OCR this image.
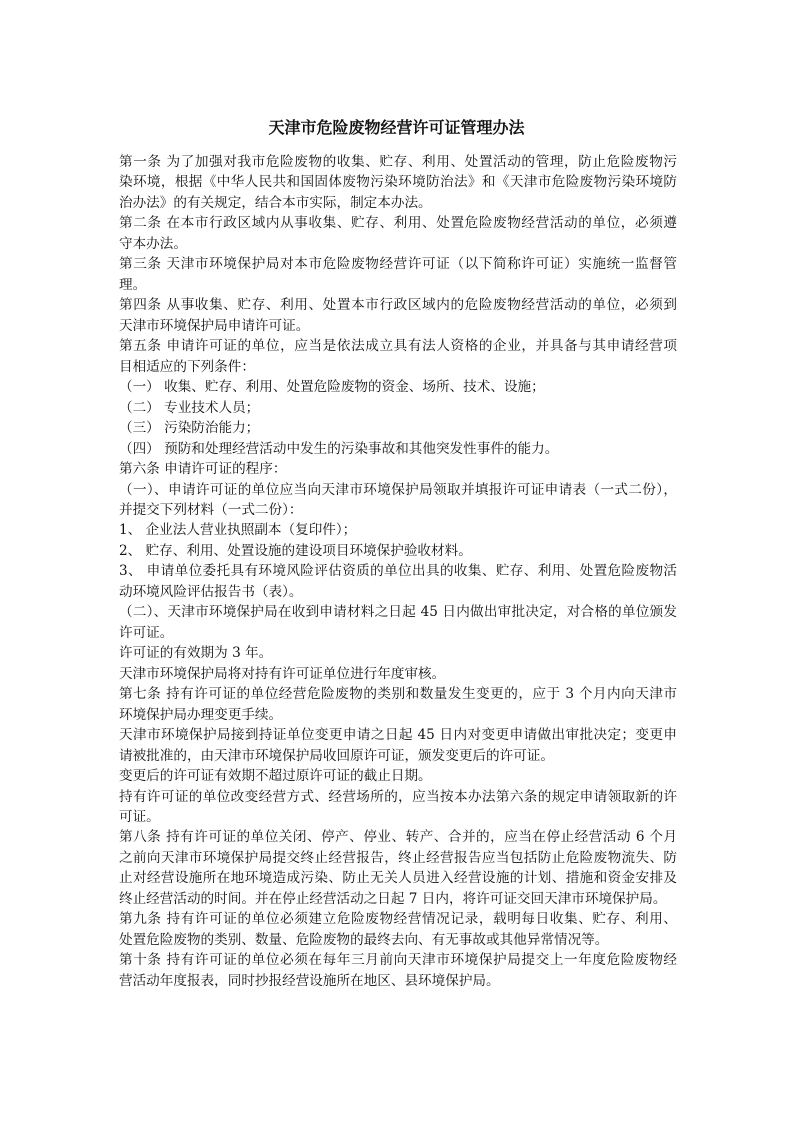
天津市危险废物经营许可证管理办法
第一条 为了加强对我市危险废物的收集、贮存、利用、处置活动的管理，防止危险废物污
染环境，根据《中华人民共和国固体废物污染环境防治法》和《天津市危险废物污染环境防
治办法》的有关规定，结合本市实际，制定本办法。
第二条 在本市行政区域内从事收集、贮存、利用、处置危险废物经营活动的单位，必须遵
守本办法。
第三条 天津市环境保护局对本市危险废物经营许可证（以下简称许可证）实施统一监督管
理。
第四条 从事收集、贮存、利用、处置本市行政区域内的危险废物经营活动的单位，必须到
天津市环境保护局申请许可证。
第五条 申请许可证的单位，应当是依法成立具有法人资格的企业，并具备与其申请经营项
目相适应的下列条件：
（一） 收集、贮存、利用、处置危险废物的资金、场所、技术、设施；
（二） 专业技术人员；
（三） 污染防治能力；
（四） 预防和处理经营活动中发生的污染事故和其他突发性事件的能力。
第六条 申请许可证的程序：
（一）、申请许可证的单位应当向天津市环境保护局领取并填报许可证申请表（一式二份），
并提交下列材料（一式二份）：
1、 企业法人营业执照副本（复印件）；
2、 贮存、利用、处置设施的建设项目环境保护验收材料。
3、 申请单位委托具有环境风险评估资质的单位出具的收集、贮存、利用、处置危险废物活
动环境风险评估报告书（表）。
（二）、天津市环境保护局在收到申请材料之日起 45 日内做出审批决定，对合格的单位颁发
许可证。
许可证的有效期为 3 年。
天津市环境保护局将对持有许可证单位进行年度审核。
第七条 持有许可证的单位经营危险废物的类别和数量发生变更的，应于 3 个月内向天津市
环境保护局办理变更手续。
天津市环境保护局接到持证单位变更申请之日起 45 日内对变更申请做出审批决定；变更申
请被批准的，由天津市环境保护局收回原许可证，颁发变更后的许可证。
变更后的许可证有效期不超过原许可证的截止日期。
持有许可证的单位改变经营方式、经营场所的，应当按本办法第六条的规定申请领取新的许
可证。
第八条 持有许可证的单位关闭、停产、停业、转产、合并的，应当在停止经营活动 6 个月
之前向天津市环境保护局提交终止经营报告，终止经营报告应当包括防止危险废物流失、防
止对经营设施所在地环境造成污染、防止无关人员进入经营设施的计划、措施和资金安排及
终止经营活动的时间。并在停止经营活动之日起 7 日内，将许可证交回天津市环境保护局。
第九条 持有许可证的单位必须建立危险废物经营情况记录，载明每日收集、贮存、利用、
处置危险废物的类别、数量、危险废物的最终去向、有无事故或其他异常情况等。
第十条 持有许可证的单位必须在每年三月前向天津市环境保护局提交上一年度危险废物经
营活动年度报表，同时抄报经营设施所在地区、县环境保护局。
